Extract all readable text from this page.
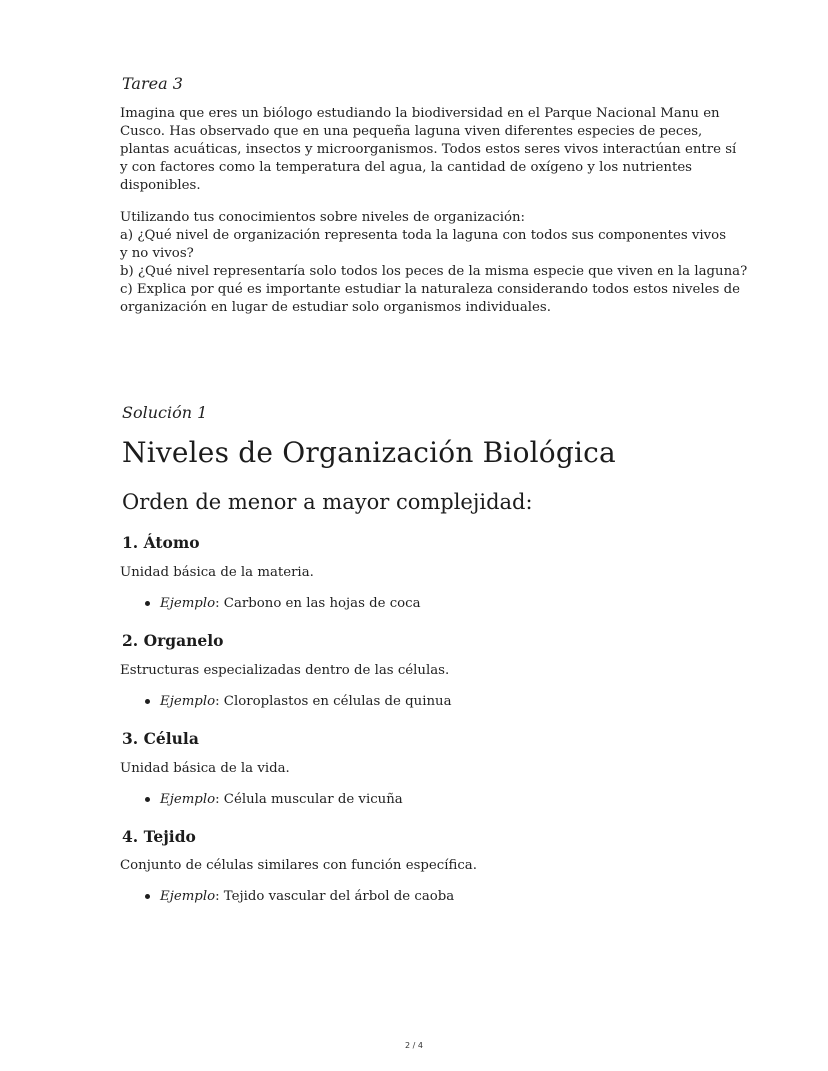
Tarea 3

Imagina que eres un biólogo estudiando la biodiversidad en el Parque Nacional Manu en
Cusco. Has observado que en una pequeña laguna viven diferentes especies de peces,
plantas acuáticas, insectos y microorganismos. Todos estos seres vivos interactúan entre sí
y con factores como la temperatura del agua, la cantidad de oxígeno y los nutrientes
disponibles.
Utilizando tus conocimientos sobre niveles de organización:
a) ¿Qué nivel de organización representa toda la laguna con todos sus componentes vivos
y no vivos?
b) ¿Qué nivel representaría solo todos los peces de la misma especie que viven en la laguna?
c) Explica por qué es importante estudiar la naturaleza considerando todos estos niveles de
organización en lugar de estudiar solo organismos individuales.

Solución 1

Niveles de Organización Biológica
Orden de menor a mayor complejidad:
1. Átomo

Unidad básica de la materia.

Ejemplo : Carbono en las hojas de coca

2. Organelo

Estructuras especializadas dentro de las células.

Ejemplo : Cloroplastos en células de quinua

3. Célula

Unidad básica de la vida.

Ejemplo : Célula muscular de vicuña

4. Tejido

Conjunto de células similares con función específica.

Ejemplo : Tejido vascular del árbol de caoba

2 / 4
